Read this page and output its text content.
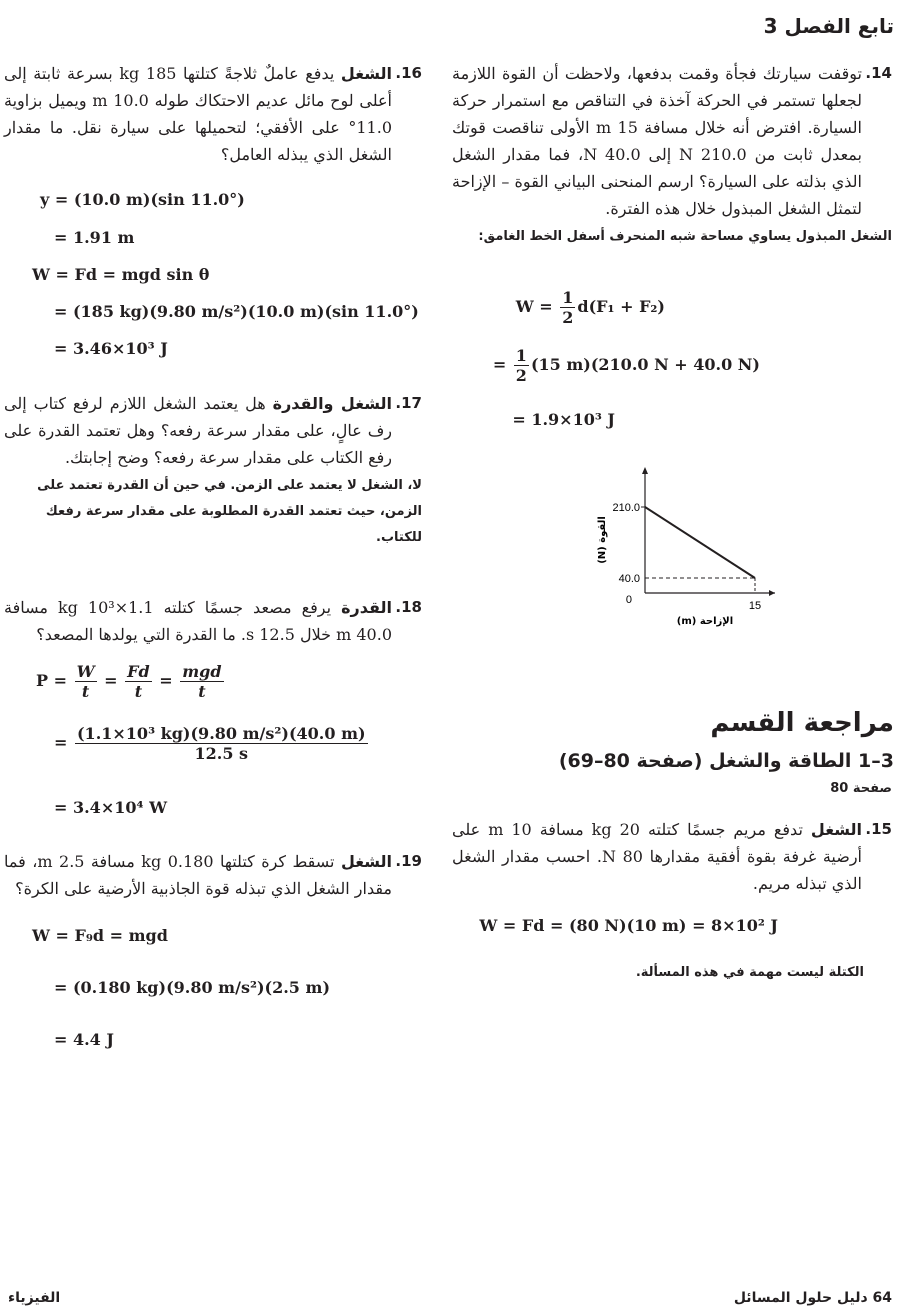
تابع الفصل 3

14.
توقفت سيارتك فجأة وقمت بدفعها، ولاحظت أن القوة اللازمة لجعلها تستمر في الحركة آخذة في التناقص مع استمرار حركة السيارة. افترض أنه خلال مسافة 15 m الأولى تناقصت قوتك بمعدل ثابت من 210.0 N إلى 40.0 N، فما مقدار الشغل الذي بذلته على السيارة؟ ارسم المنحنى البياني القوة – الإزاحة لتمثل الشغل المبذول خلال هذه الفترة.

الشغل المبذول يساوي مساحة شبه المنحرف أسفل الخط الغامق:

$W = \frac{1}{2} d(F_1 + F_2)$
= $\frac{1}{2} (15$ m)(210.0 N + 40.0 N)
= 1.9×10³ J
210.0
40.0
0	15
الإزاحة (m)
القوة (N)
مراجعة القسم
3–1 الطاقة والشغل (صفحة 80–69)
صفحة 80

15.
الشغل تدفع مريم جسمًا كتلته 20 kg مسافة 10 m على أرضية غرفة بقوة أفقية مقدارها 80 N. احسب مقدار الشغل الذي تبذله مريم.

W = Fd = (80 N)(10 m) = 8×10² J
الكتلة ليست مهمة في هذه المسألة.

16.
الشغل يدفع عاملٌ ثلاجةً كتلتها 185 kg بسرعة ثابتة إلى أعلى لوح مائل عديم الاحتكاك طوله 10.0 m ويميل بزاوية 11.0° على الأفقي؛ لتحميلها على سيارة نقل. ما مقدار الشغل الذي يبذله العامل؟

y = (10.0 m)(sin 11.0°)
= 1.91 m
W = Fd = mgd sin θ
= (185 kg)(9.80 m/s²)(10.0 m)(sin 11.0°)
= 3.46×10³ J

17.
الشغل والقدرة هل يعتمد الشغل اللازم لرفع كتاب إلى رف عالٍ، على مقدار سرعة رفعه؟ وهل تعتمد القدرة على رفع الكتاب على مقدار سرعة رفعه؟ وضح إجابتك.

لا، الشغل لا يعتمد على الزمن. في حين أن القدرة تعتمد على الزمن، حيث تعتمد القدرة المطلوبة على مقدار سرعة رفعك للكتاب.

18.
القدرة يرفع مصعد جسمًا كتلته 1.1×10³ kg مسافة 40.0 m خلال 12.5 s. ما القدرة التي يولدها المصعد؟

$P = \frac{W}{t} = \frac{Fd}{t} = \frac{\text{mgd}}{t}$
= $\frac{\text{(1.1×10³ kg)(9.80 m/s²)(40.0 m)}}{12.5 s}$
= 3.4×10⁴ W

19.
الشغل تسقط كرة كتلتها 0.180 kg مسافة 2.5 m، فما مقدار الشغل الذي تبذله قوة الجاذبية الأرضية على الكرة؟

W = F₉d = mgd
= (0.180 kg)(9.80 m/s²)(2.5 m)
= 4.4 J
64 دليل حلول المسائل
الفيزياء
